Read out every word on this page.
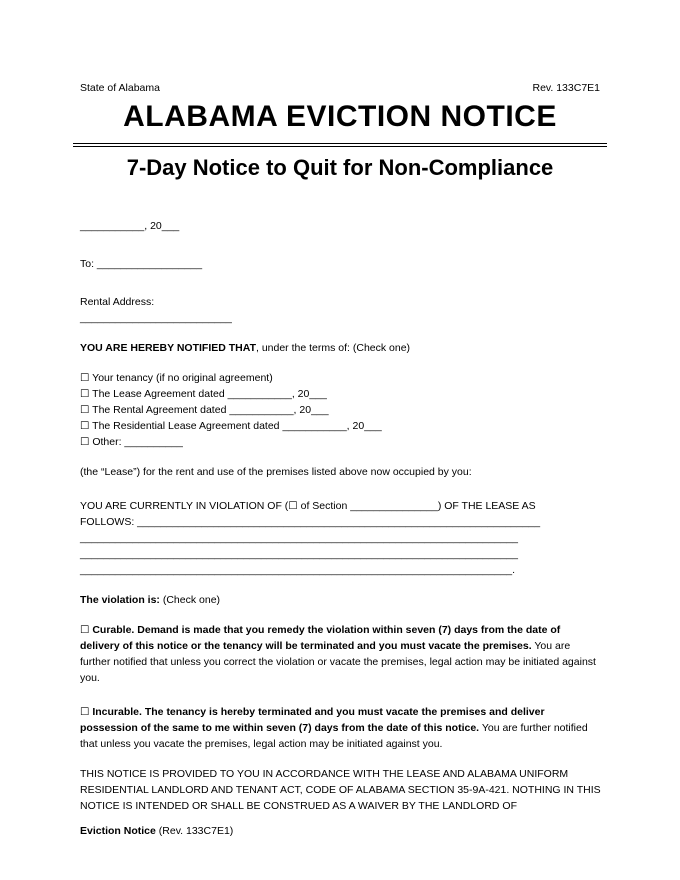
State of Alabama	Rev. 133C7E1
ALABAMA EVICTION NOTICE
7-Day Notice to Quit for Non-Compliance
___________, 20___
To: __________________
Rental Address:
__________________________
YOU ARE HEREBY NOTIFIED THAT, under the terms of: (Check one)
☐ Your tenancy (if no original agreement)
☐ The Lease Agreement dated ___________, 20___
☐ The Rental Agreement dated ___________, 20___
☐ The Residential Lease Agreement dated ___________, 20___
☐ Other: __________
(the “Lease”) for the rent and use of the premises listed above now occupied by you:
YOU ARE CURRENTLY IN VIOLATION OF (☐ of Section _______________) OF THE LEASE AS
FOLLOWS: _____________________________________________________________________
___________________________________________________________________________
___________________________________________________________________________
__________________________________________________________________________.
The violation is: (Check one)
☐ Curable. Demand is made that you remedy the violation within seven (7) days from the date of delivery of this notice or the tenancy will be terminated and you must vacate the premises. You are further notified that unless you correct the violation or vacate the premises, legal action may be initiated against you.
☐ Incurable. The tenancy is hereby terminated and you must vacate the premises and deliver possession of the same to me within seven (7) days from the date of this notice. You are further notified that unless you vacate the premises, legal action may be initiated against you.
THIS NOTICE IS PROVIDED TO YOU IN ACCORDANCE WITH THE LEASE AND ALABAMA UNIFORM RESIDENTIAL LANDLORD AND TENANT ACT, CODE OF ALABAMA SECTION 35-9A-421. NOTHING IN THIS NOTICE IS INTENDED OR SHALL BE CONSTRUED AS A WAIVER BY THE LANDLORD OF
Eviction Notice (Rev. 133C7E1)
